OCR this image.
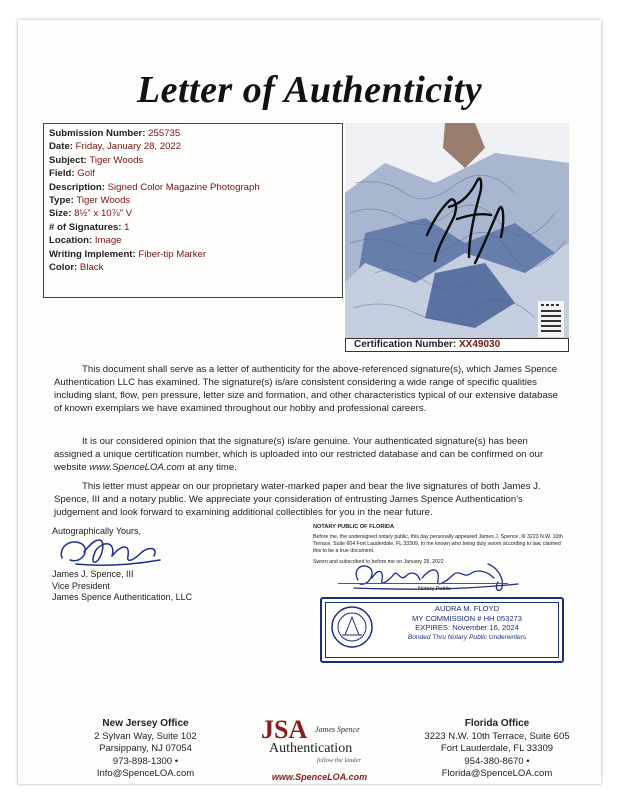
Letter of Authenticity
Submission Number: 255735
Date: Friday, January 28, 2022
Subject: Tiger Woods
Field: Golf
Description: Signed Color Magazine Photograph
Type: Tiger Woods
Size: 8½" x 10⅞" V
# of Signatures: 1
Location: Image
Writing Implement: Fiber-tip Marker
Color: Black
Certification Number: XX49030

This document shall serve as a letter of authenticity for the above-referenced signature(s), which James Spence Authentication LLC has examined. The signature(s) is/are consistent considering a wide range of specific qualities including slant, flow, pen pressure, letter size and formation, and other characteristics typical of our extensive database of known exemplars we have examined throughout our hobby and professional careers.

It is our considered opinion that the signature(s) is/are genuine. Your authenticated signature(s) has been assigned a unique certification number, which is uploaded into our restricted database and can be confirmed on our website www.SpenceLOA.com at any time.

This letter must appear on our proprietary water-marked paper and bear the live signatures of both James J. Spence, III and a notary public. We appreciate your consideration of entrusting James Spence Authentication's judgement and look forward to examining additional collectibles for you in the near future.

Autographically Yours,
James J. Spence, III
Vice President
James Spence Authentication, LLC
NOTARY PUBLIC OF FLORIDA
Before me, the undersigned notary public, this day personally appeared James J. Spence, III 3223 N.W. 10th Terrace, Suite 604 Fort Lauderdale, FL 33309, to me known who being duly sworn according to law, claimed this to be a true document.
Sworn and subscribed to before me on January 28, 2022
Notary Public
AUDRA M. FLOYD
MY COMMISSION # HH 053273
EXPIRES: November 16, 2024
Bonded Thru Notary Public Underwriters
New Jersey Office
2 Sylvan Way, Suite 102
Parsippany, NJ 07054
973-898-1300 • Info@SpenceLOA.com
JSA James Spence
Authentication
follow the leader
www.SpenceLOA.com
Florida Office
3223 N.W. 10th Terrace, Suite 605
Fort Lauderdale, FL 33309
954-380-8670 • Florida@SpenceLOA.com
